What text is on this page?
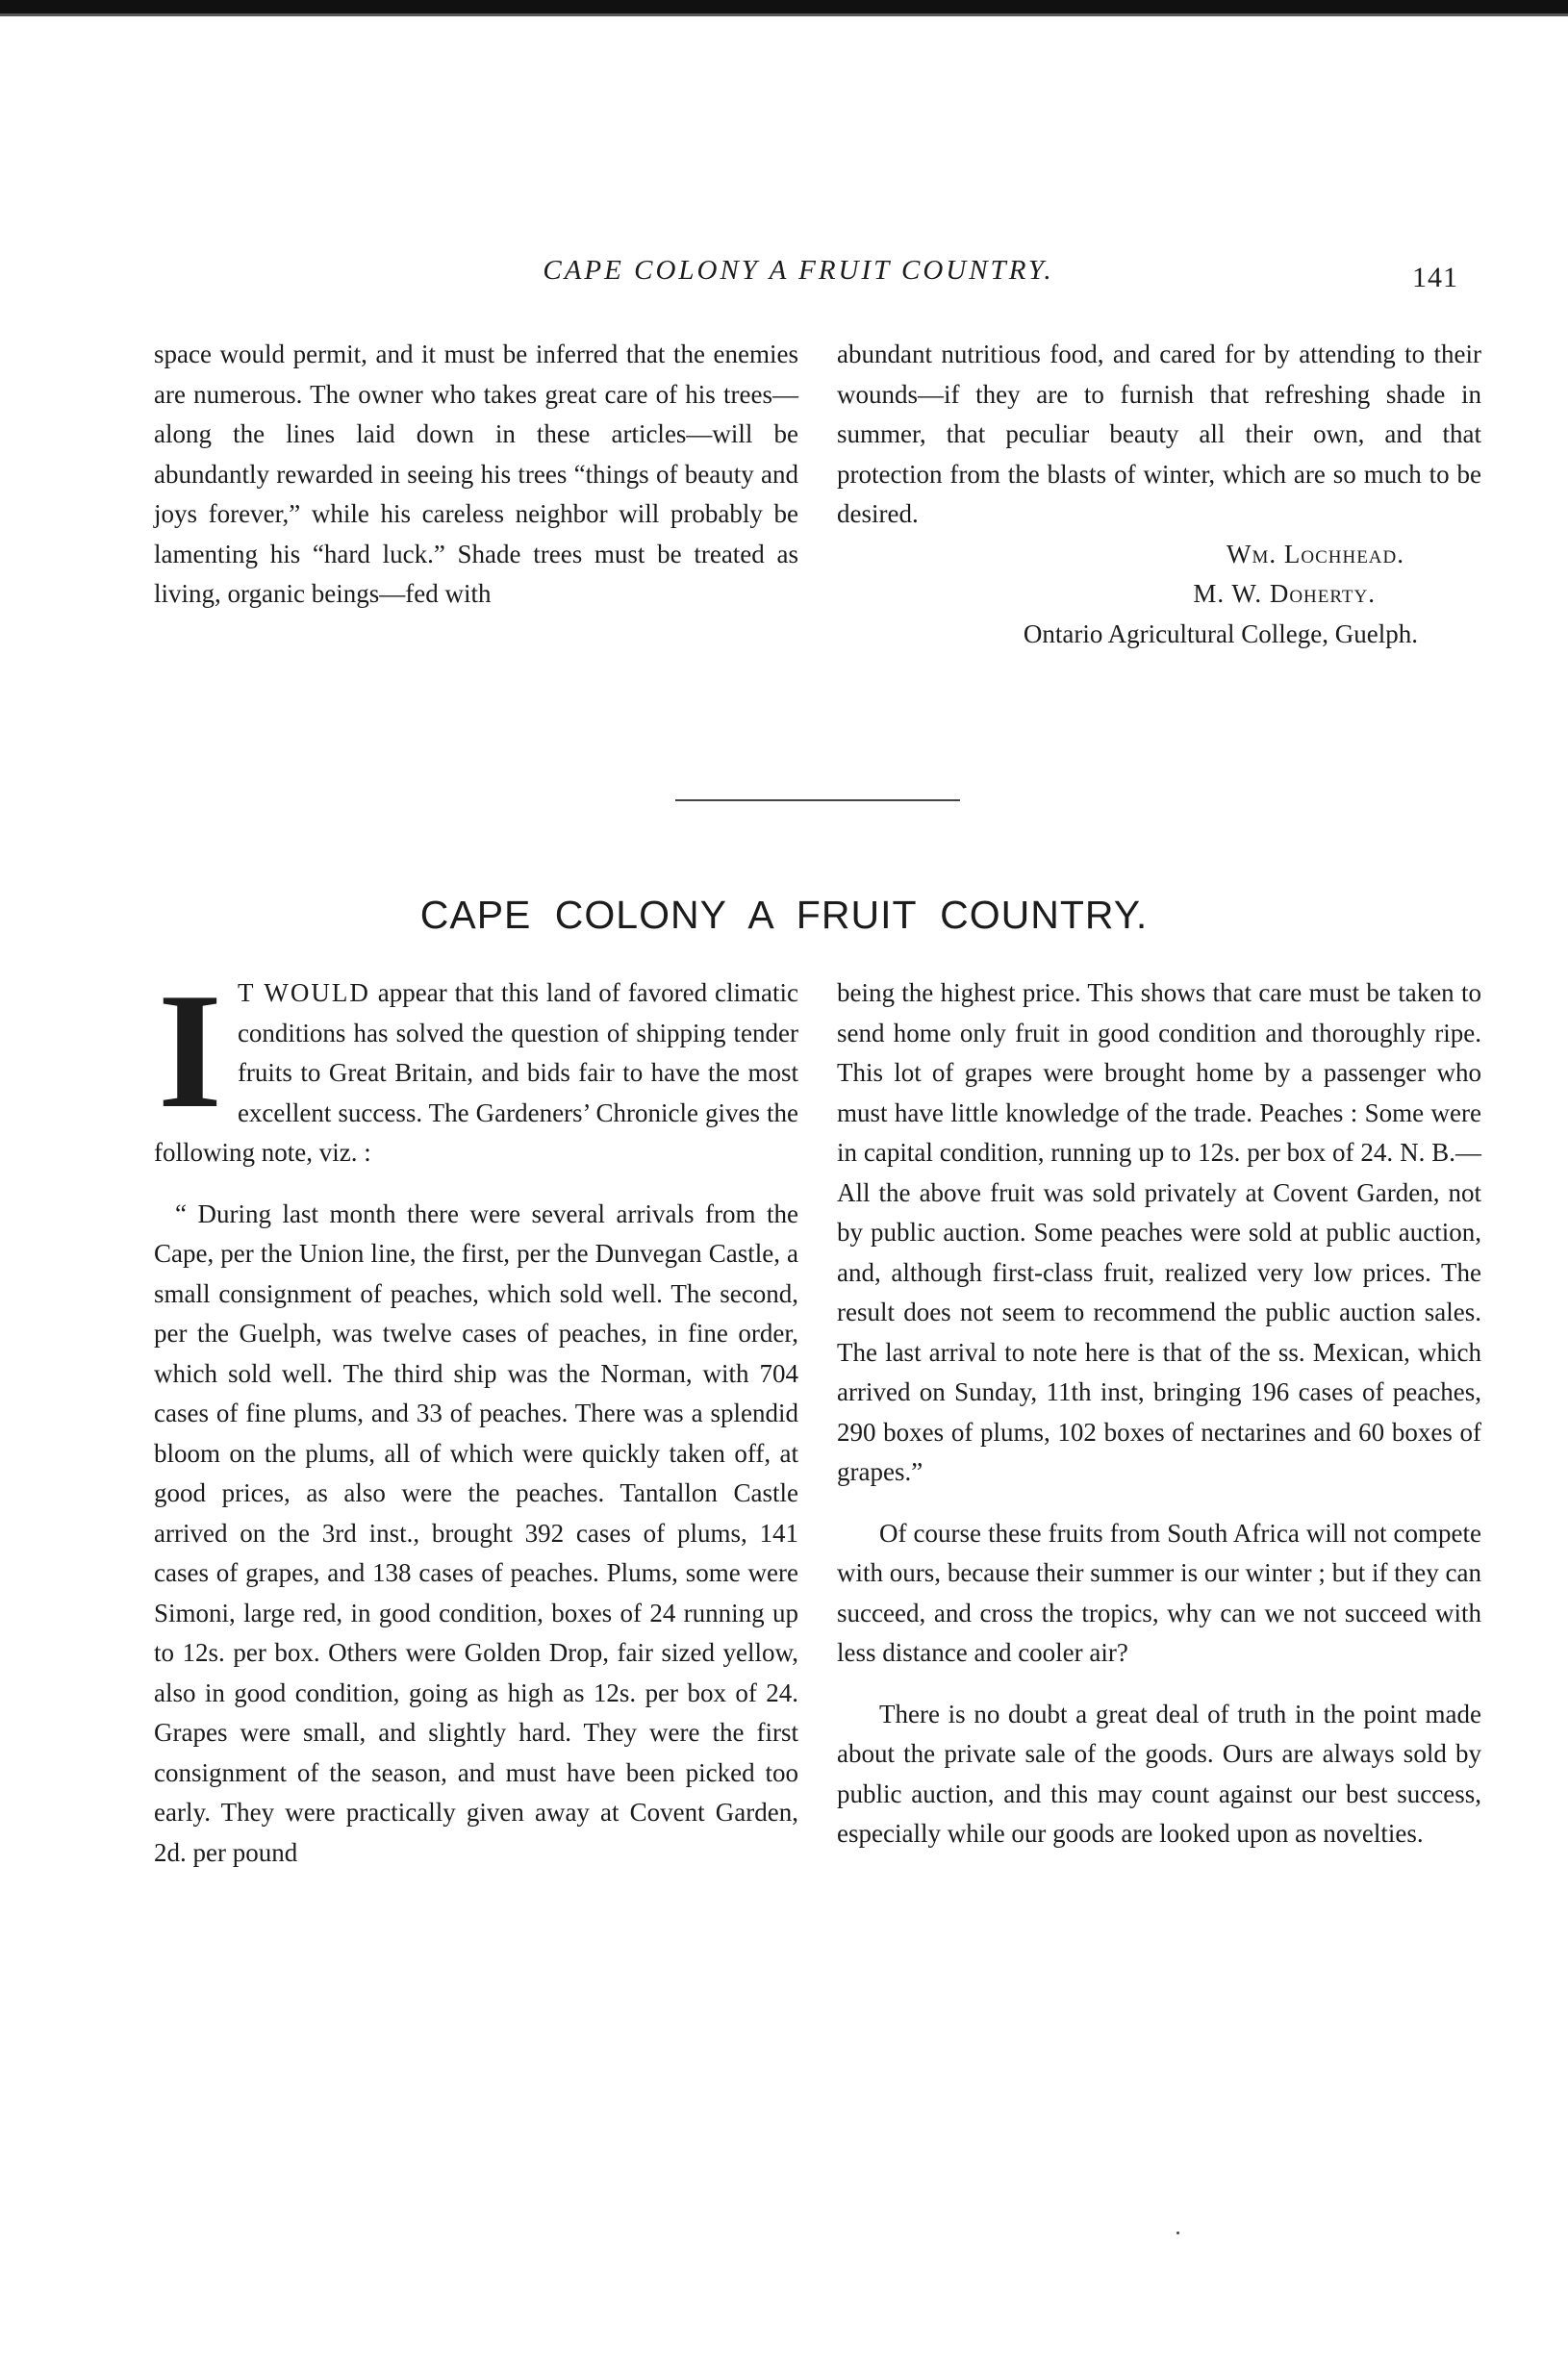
CAPE COLONY A FRUIT COUNTRY.	141

space would permit, and it must be inferred that the enemies are numerous. The owner who takes great care of his trees—along the lines laid down in these articles—will be abundantly rewarded in seeing his trees “things of beauty and joys forever,” while his careless neighbor will probably be lamenting his “hard luck.” Shade trees must be treated as living, organic beings—fed with

abundant nutritious food, and cared for by attending to their wounds—if they are to furnish that refreshing shade in summer, that peculiar beauty all their own, and that protection from the blasts of winter, which are so much to be desired.

Wm. Lochhead.

M. W. Doherty.

Ontario Agricultural College, Guelph.

CAPE COLONY A FRUIT COUNTRY.

I T WOULD appear that this land of favored climatic conditions has solved the question of shipping tender fruits to Great Britain, and bids fair to have the most excellent success. The Gardeners’ Chronicle gives the following note, viz. :

“ During last month there were several arrivals from the Cape, per the Union line, the first, per the Dunvegan Castle, a small consignment of peaches, which sold well. The second, per the Guelph, was twelve cases of peaches, in fine order, which sold well. The third ship was the Norman, with 704 cases of fine plums, and 33 of peaches. There was a splendid bloom on the plums, all of which were quickly taken off, at good prices, as also were the peaches. Tantallon Castle arrived on the 3rd inst., brought 392 cases of plums, 141 cases of grapes, and 138 cases of peaches. Plums, some were Simoni, large red, in good condition, boxes of 24 running up to 12s. per box. Others were Golden Drop, fair sized yellow, also in good condition, going as high as 12s. per box of 24. Grapes were small, and slightly hard. They were the first consignment of the season, and must have been picked too early. They were practically given away at Covent Garden, 2d. per pound

being the highest price. This shows that care must be taken to send home only fruit in good condition and thoroughly ripe. This lot of grapes were brought home by a passenger who must have little knowledge of the trade. Peaches : Some were in capital condition, running up to 12s. per box of 24. N. B.—All the above fruit was sold privately at Covent Garden, not by public auction. Some peaches were sold at public auction, and, although first-class fruit, realized very low prices. The result does not seem to recommend the public auction sales. The last arrival to note here is that of the ss. Mexican, which arrived on Sunday, 11th inst, bringing 196 cases of peaches, 290 boxes of plums, 102 boxes of nectarines and 60 boxes of grapes.”

Of course these fruits from South Africa will not compete with ours, because their summer is our winter ; but if they can succeed, and cross the tropics, why can we not succeed with less distance and cooler air?

There is no doubt a great deal of truth in the point made about the private sale of the goods. Ours are always sold by public auction, and this may count against our best success, especially while our goods are looked upon as novelties.
